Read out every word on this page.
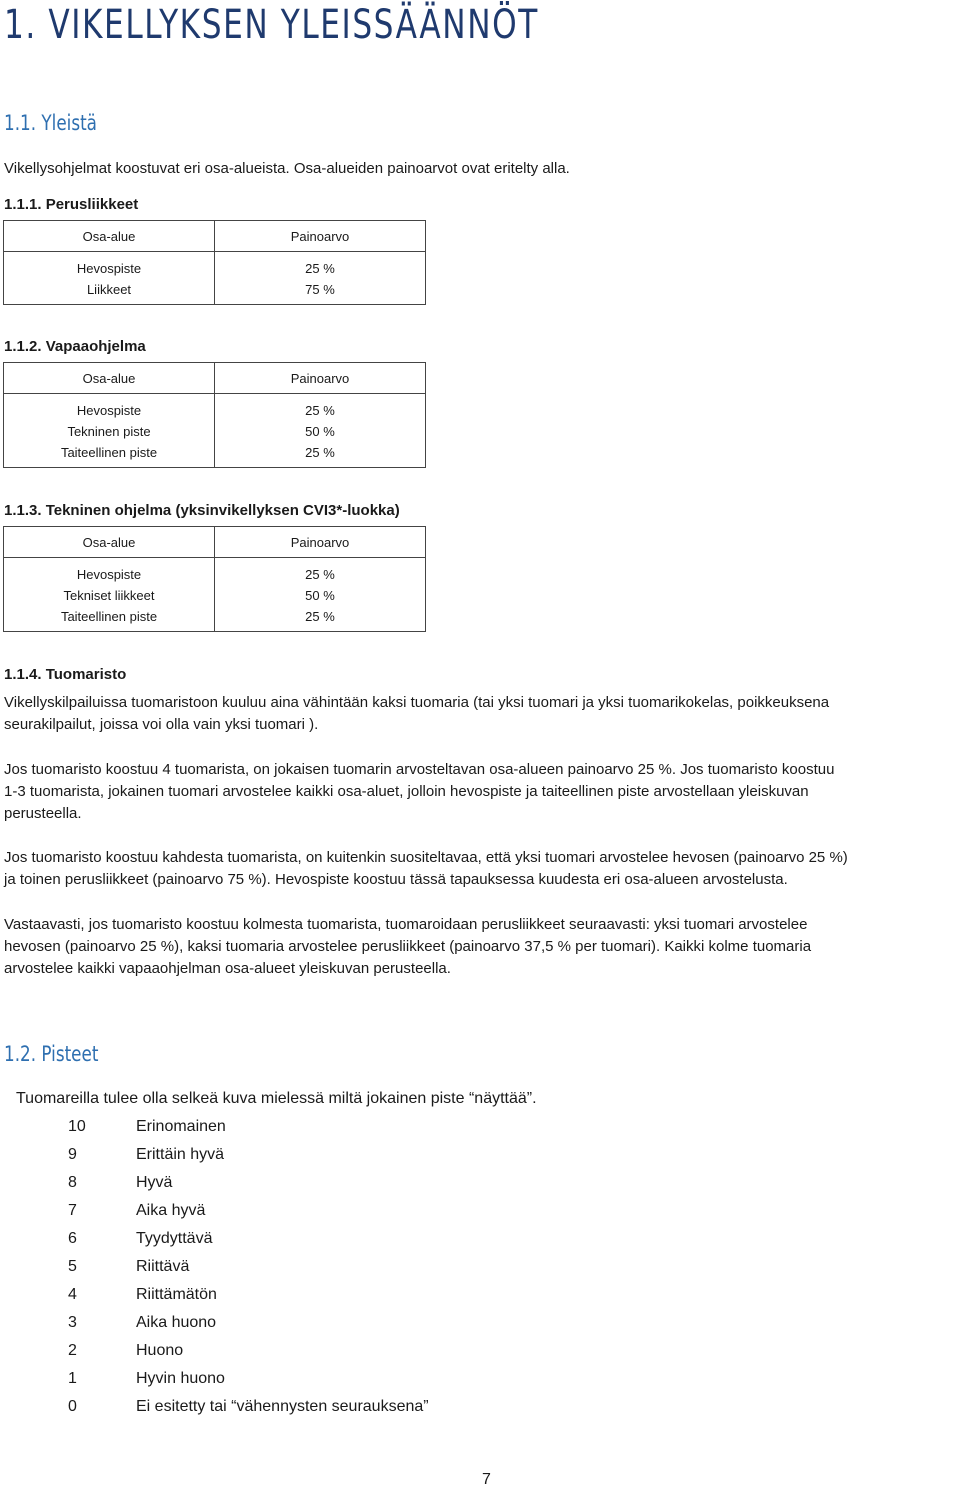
1. VIKELLYKSEN YLEISSÄÄNNÖT
1.1. Yleistä
Vikellysohjelmat koostuvat eri osa-alueista. Osa-alueiden painoarvot ovat eritelty alla.
1.1.1. Perusliikkeet
Osa-alue	Painoarvo
Hevospiste	25 %
Liikkeet	75 %
1.1.2. Vapaaohjelma
Osa-alue	Painoarvo
Hevospiste	25 %
Tekninen piste	50 %
Taiteellinen piste	25 %
1.1.3. Tekninen ohjelma (yksinvikellyksen CVI3*-luokka)
Osa-alue	Painoarvo
Hevospiste	25 %
Tekniset liikkeet	50 %
Taiteellinen piste	25 %
1.1.4. Tuomaristo
Vikellyskilpailuissa tuomaristoon kuuluu aina vähintään kaksi tuomaria (tai yksi tuomari ja yksi tuomarikokelas, poikkeuksena
seurakilpailut, joissa voi olla vain yksi tuomari ).
Jos tuomaristo koostuu 4 tuomarista, on jokaisen tuomarin arvosteltavan osa-alueen painoarvo 25 %. Jos tuomaristo koostuu
1-3 tuomarista, jokainen tuomari arvostelee kaikki osa-aluet, jolloin hevospiste ja taiteellinen piste arvostellaan yleiskuvan
perusteella.
Jos tuomaristo koostuu kahdesta tuomarista, on kuitenkin suositeltavaa, että yksi tuomari arvostelee hevosen (painoarvo 25 %)
ja toinen perusliikkeet (painoarvo 75 %). Hevospiste koostuu tässä tapauksessa kuudesta eri osa-alueen arvostelusta.
Vastaavasti, jos tuomaristo koostuu kolmesta tuomarista, tuomaroidaan perusliikkeet seuraavasti: yksi tuomari arvostelee
hevosen (painoarvo 25 %), kaksi tuomaria arvostelee perusliikkeet (painoarvo 37,5 % per tuomari). Kaikki kolme tuomaria
arvostelee kaikki vapaaohjelman osa-alueet yleiskuvan perusteella.
1.2. Pisteet
Tuomareilla tulee olla selkeä kuva mielessä miltä jokainen piste “näyttää”.
10	Erinomainen
9	Erittäin hyvä
8	Hyvä
7	Aika hyvä
6	Tyydyttävä
5	Riittävä
4	Riittämätön
3	Aika huono
2	Huono
1	Hyvin huono
0	Ei esitetty tai “vähennysten seurauksena”
7
